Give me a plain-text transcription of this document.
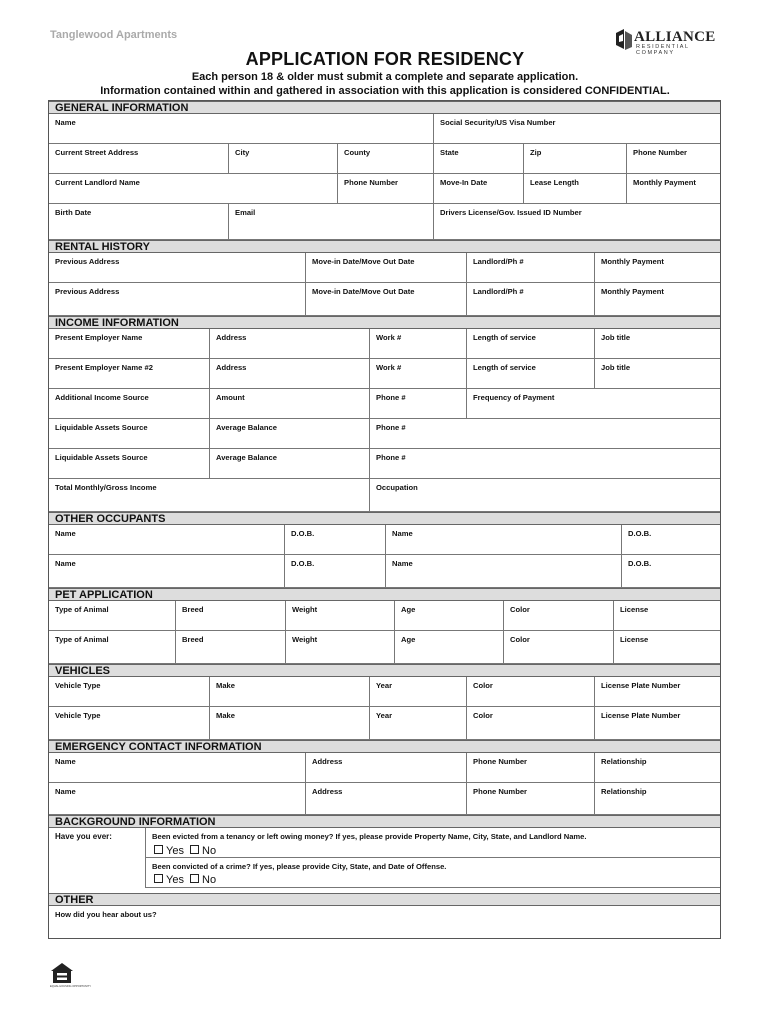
Tanglewood Apartments	ALLIANCE
RESIDENTIAL COMPANY
APPLICATION FOR RESIDENCY
Each person 18 & older must submit a complete and separate application.
Information contained within and gathered in association with this application is considered CONFIDENTIAL.
GENERAL INFORMATION
Name	Social Security/US Visa Number
Current Street Address	City	County	State	Zip	Phone Number
Current Landlord Name	Phone Number	Move-In Date	Lease Length	Monthly Payment
Birth Date	Email	Drivers License/Gov. Issued ID Number
RENTAL HISTORY
Previous Address	Move-in Date/Move Out Date	Landlord/Ph #	Monthly Payment
Previous Address	Move-in Date/Move Out Date	Landlord/Ph #	Monthly Payment
INCOME INFORMATION
Present Employer Name	Address	Work #	Length of service	Job title
Present Employer Name #2	Address	Work #	Length of service	Job title
Additional Income Source	Amount	Phone #	Frequency of Payment
Liquidable Assets Source	Average Balance	Phone #
Liquidable Assets Source	Average Balance	Phone #
Total Monthly/Gross Income	Occupation
OTHER OCCUPANTS
Name	D.O.B.	Name	D.O.B.
Name	D.O.B.	Name	D.O.B.
PET APPLICATION
Type of Animal	Breed	Weight	Age	Color	License
Type of Animal	Breed	Weight	Age	Color	License
VEHICLES
Vehicle Type	Make	Year	Color	License Plate Number
Vehicle Type	Make	Year	Color	License Plate Number
EMERGENCY CONTACT INFORMATION
Name	Address	Phone Number	Relationship
Name	Address	Phone Number	Relationship
BACKGROUND INFORMATION
Have you ever:	Been evicted from a tenancy or left owing money? If yes, please provide Property Name, City, State, and Landlord Name.
Yes No
Been convicted of a crime? If yes, please provide City, State, and Date of Offense.
Yes No
OTHER
How did you hear about us?
EQUAL HOUSING OPPORTUNITY
